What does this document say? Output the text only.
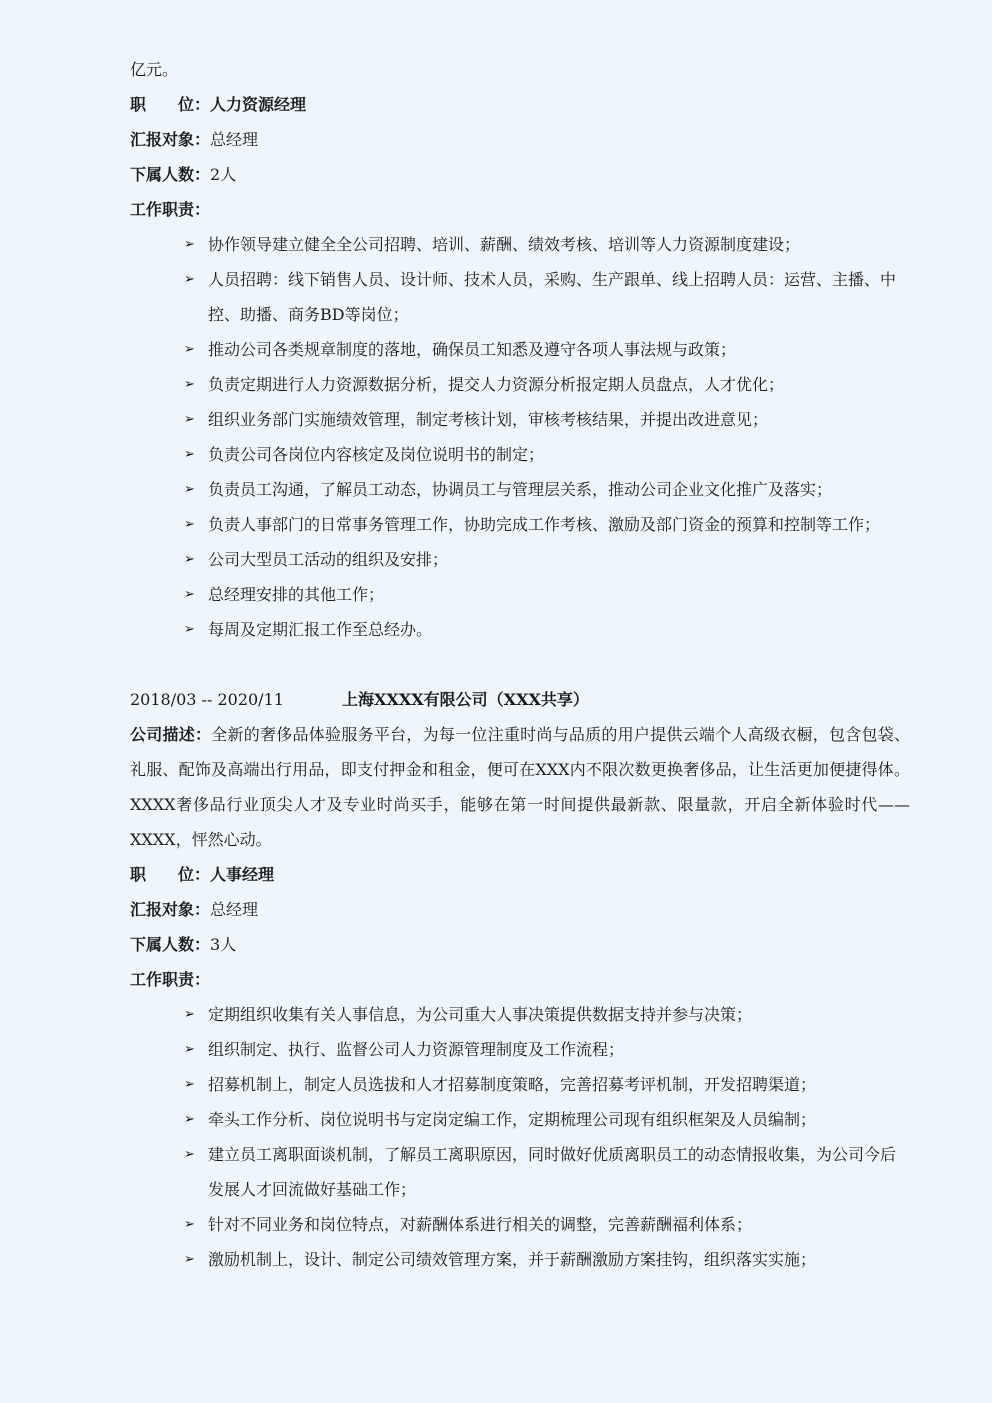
亿元。
职　　位：人力资源经理
汇报对象：总经理
下属人数：2人
工作职责：
➢ 协作领导建立健全全公司招聘、培训、薪酬、绩效考核、培训等人力资源制度建设；
➢ 人员招聘：线下销售人员、设计师、技术人员，采购、生产跟单、线上招聘人员：运营、主播、中控、助播、商务BD等岗位；
➢ 推动公司各类规章制度的落地，确保员工知悉及遵守各项人事法规与政策；
➢ 负责定期进行人力资源数据分析，提交人力资源分析报定期人员盘点，人才优化；
➢ 组织业务部门实施绩效管理，制定考核计划，审核考核结果，并提出改进意见；
➢ 负责公司各岗位内容核定及岗位说明书的制定；
➢ 负责员工沟通，了解员工动态，协调员工与管理层关系，推动公司企业文化推广及落实；
➢ 负责人事部门的日常事务管理工作，协助完成工作考核、激励及部门资金的预算和控制等工作；
➢ 公司大型员工活动的组织及安排；
➢ 总经理安排的其他工作；
➢ 每周及定期汇报工作至总经办。
2018/03 -- 2020/11	上海XXXX有限公司（XXX共享）
公司描述：全新的奢侈品体验服务平台，为每一位注重时尚与品质的用户提供云端个人高级衣橱，包含包袋、礼服、配饰及高端出行用品，即支付押金和租金，便可在XXX内不限次数更换奢侈品，让生活更加便捷得体。XXXX奢侈品行业顶尖人才及专业时尚买手，能够在第一时间提供最新款、限量款，开启全新体验时代——XXXX，怦然心动。
职　　位：人事经理
汇报对象：总经理
下属人数：3人
工作职责：
➢ 定期组织收集有关人事信息，为公司重大人事决策提供数据支持并参与决策；
➢ 组织制定、执行、监督公司人力资源管理制度及工作流程；
➢ 招募机制上，制定人员选拔和人才招募制度策略，完善招募考评机制，开发招聘渠道；
➢ 牵头工作分析、岗位说明书与定岗定编工作，定期梳理公司现有组织框架及人员编制；
➢ 建立员工离职面谈机制，了解员工离职原因，同时做好优质离职员工的动态情报收集，为公司今后发展人才回流做好基础工作；
➢ 针对不同业务和岗位特点，对薪酬体系进行相关的调整，完善薪酬福利体系；
➢ 激励机制上，设计、制定公司绩效管理方案，并于薪酬激励方案挂钩，组织落实实施；
